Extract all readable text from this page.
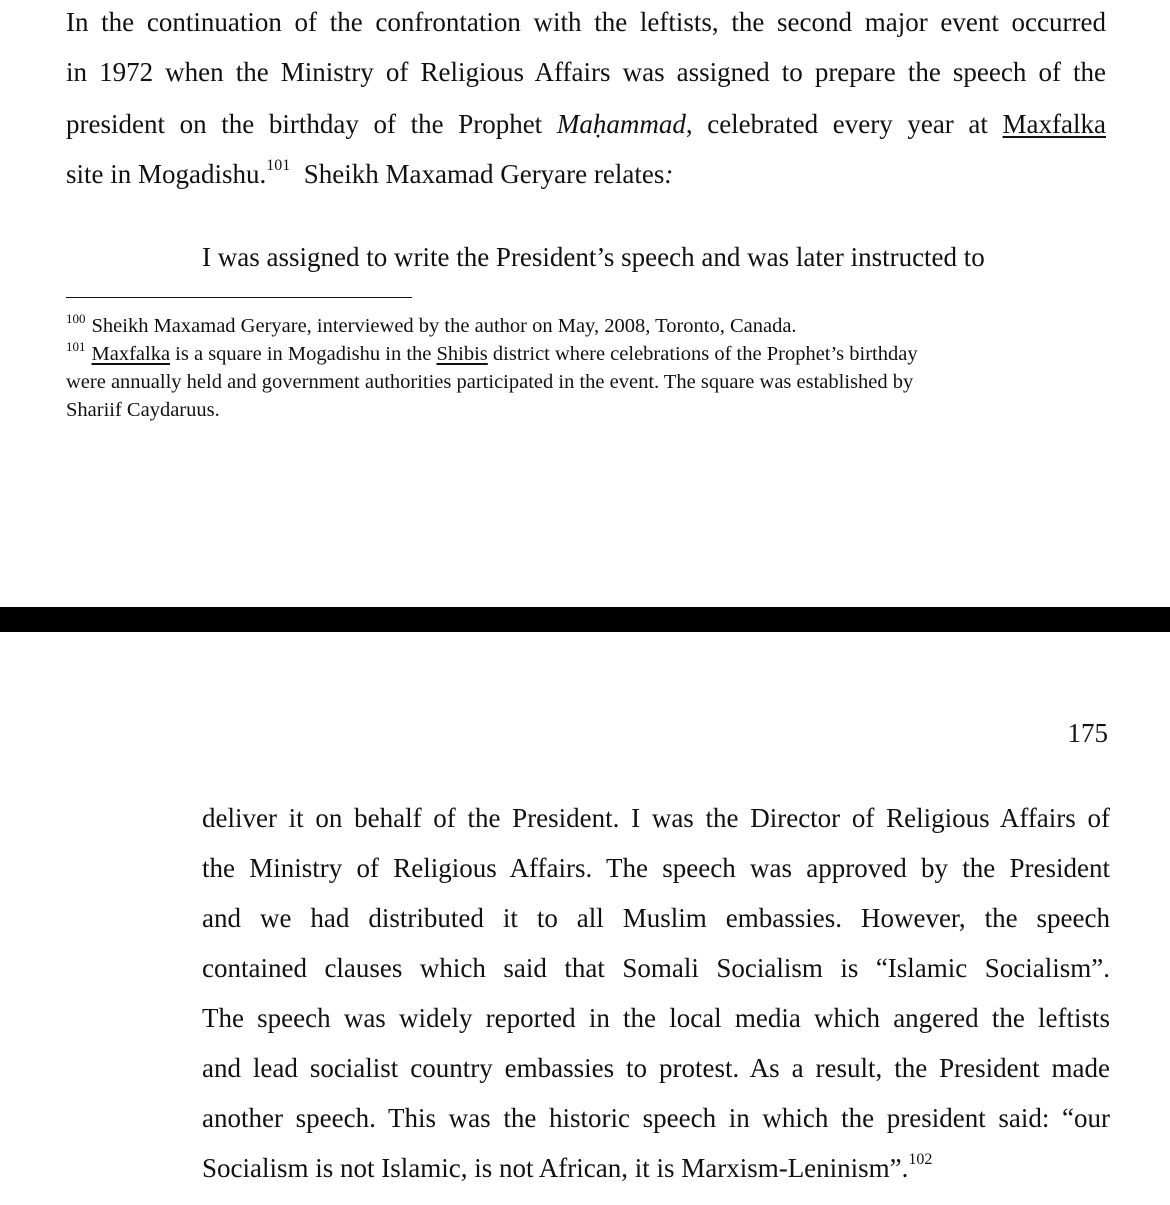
In the continuation of the confrontation with the leftists, the second major event occurred
in 1972 when the Ministry of Religious Affairs was assigned to prepare the speech of the
president on the birthday of the Prophet Maḥammad, celebrated every year at Maxfalka
site in Mogadishu.$^{101}$  Sheikh Maxamad Geryare relates:
I was assigned to write the President’s speech and was later instructed to
$^{100}$ Sheikh Maxamad Geryare, interviewed by the author on May, 2008, Toronto, Canada.
$^{101}$ Maxfalka is a square in Mogadishu in the Shibis district where celebrations of the Prophet’s birthday
were annually held and government authorities participated in the event. The square was established by
Shariif Caydaruus.
175
deliver it on behalf of the President. I was the Director of Religious Affairs of
the Ministry of Religious Affairs. The speech was approved by the President
and we had distributed it to all Muslim embassies. However, the speech
contained clauses which said that Somali Socialism is “Islamic Socialism”.
The speech was widely reported in the local media which angered the leftists
and lead socialist country embassies to protest. As a result, the President made
another speech. This was the historic speech in which the president said: “our
Socialism is not Islamic, is not African, it is Marxism-Leninism”.$^{102}$
